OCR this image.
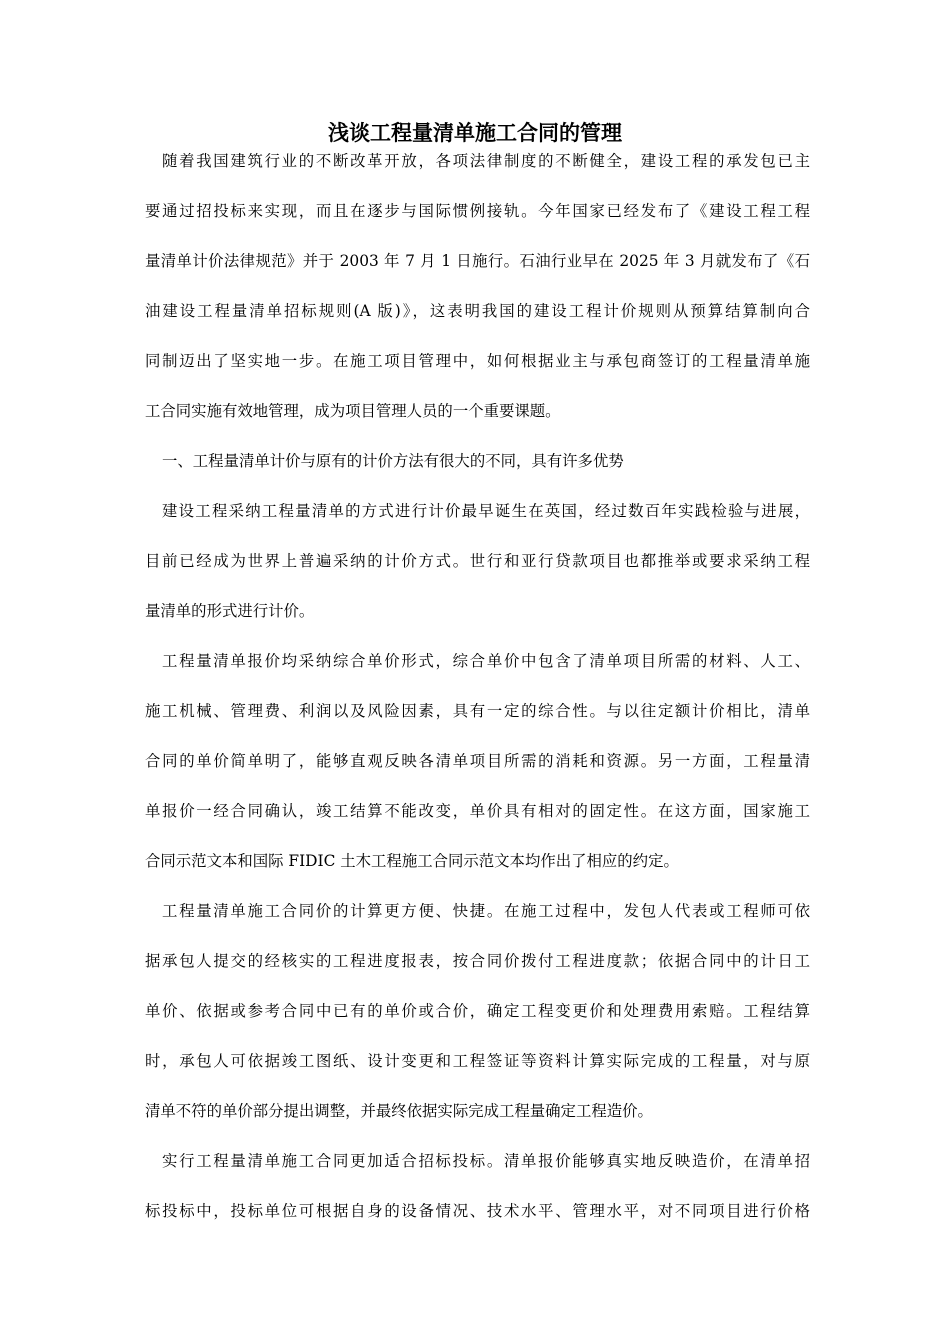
浅谈工程量清单施工合同的管理
随着我国建筑行业的不断改革开放，各项法律制度的不断健全，建设工程的承发包已主
要通过招投标来实现，而且在逐步与国际惯例接轨。今年国家已经发布了《建设工程工程
量清单计价法律规范》并于 2003 年 7 月 1 日施行。石油行业早在 2025 年 3 月就发布了《石
油建设工程量清单招标规则(A 版)》，这表明我国的建设工程计价规则从预算结算制向合
同制迈出了坚实地一步。在施工项目管理中，如何根据业主与承包商签订的工程量清单施
工合同实施有效地管理，成为项目管理人员的一个重要课题。
一、工程量清单计价与原有的计价方法有很大的不同，具有许多优势
建设工程采纳工程量清单的方式进行计价最早诞生在英国，经过数百年实践检验与进展，
目前已经成为世界上普遍采纳的计价方式。世行和亚行贷款项目也都推举或要求采纳工程
量清单的形式进行计价。
工程量清单报价均采纳综合单价形式，综合单价中包含了清单项目所需的材料、人工、
施工机械、管理费、利润以及风险因素，具有一定的综合性。与以往定额计价相比，清单
合同的单价简单明了，能够直观反映各清单项目所需的消耗和资源。另一方面，工程量清
单报价一经合同确认，竣工结算不能改变，单价具有相对的固定性。在这方面，国家施工
合同示范文本和国际 FIDIC 土木工程施工合同示范文本均作出了相应的约定。
工程量清单施工合同价的计算更方便、快捷。在施工过程中，发包人代表或工程师可依
据承包人提交的经核实的工程进度报表，按合同价拨付工程进度款；依据合同中的计日工
单价、依据或参考合同中已有的单价或合价，确定工程变更价和处理费用索赔。工程结算
时，承包人可依据竣工图纸、设计变更和工程签证等资料计算实际完成的工程量，对与原
清单不符的单价部分提出调整，并最终依据实际完成工程量确定工程造价。
实行工程量清单施工合同更加适合招标投标。清单报价能够真实地反映造价，在清单招
标投标中，投标单位可根据自身的设备情况、技术水平、管理水平，对不同项目进行价格
